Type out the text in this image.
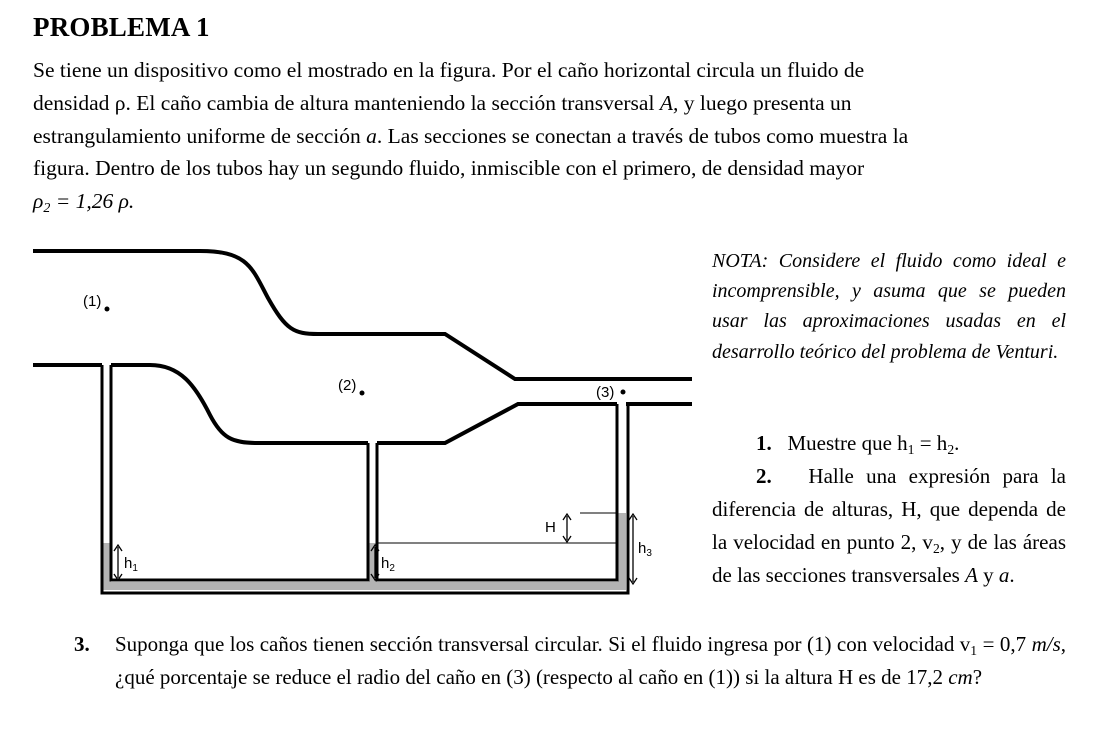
PROBLEMA 1
Se tiene un dispositivo como el mostrado en la figura. Por el caño horizontal circula un fluido de
densidad ρ. El caño cambia de altura manteniendo la sección transversal A, y luego presenta un
estrangulamiento uniforme de sección a. Las secciones se conectan a través de tubos como muestra la
figura. Dentro de los tubos hay un segundo fluido, inmiscible con el primero, de densidad mayor
$\rho_2 = 1,26$ ρ.
(1)
(2)	(3)
$h_1$	$h_2$
H
$h_3$
NOTA: Considere el fluido como ideal e incomprensible, y asuma que se pueden usar las aproximaciones usadas en el desarrollo teórico del problema de Venturi.
1. Muestre que $h_1 = h_2$.
2. Halle una expresión para la diferencia de alturas, H, que dependa de la velocidad en punto 2, $v_2$, y de las áreas de las secciones transversales A y a.
3. Suponga que los caños tienen sección transversal circular. Si el fluido ingresa por (1) con velocidad $v_1 = 0,7$ m/s, ¿qué porcentaje se reduce el radio del caño en (3) (respecto al caño en (1)) si la altura H es de 17,2 cm?
